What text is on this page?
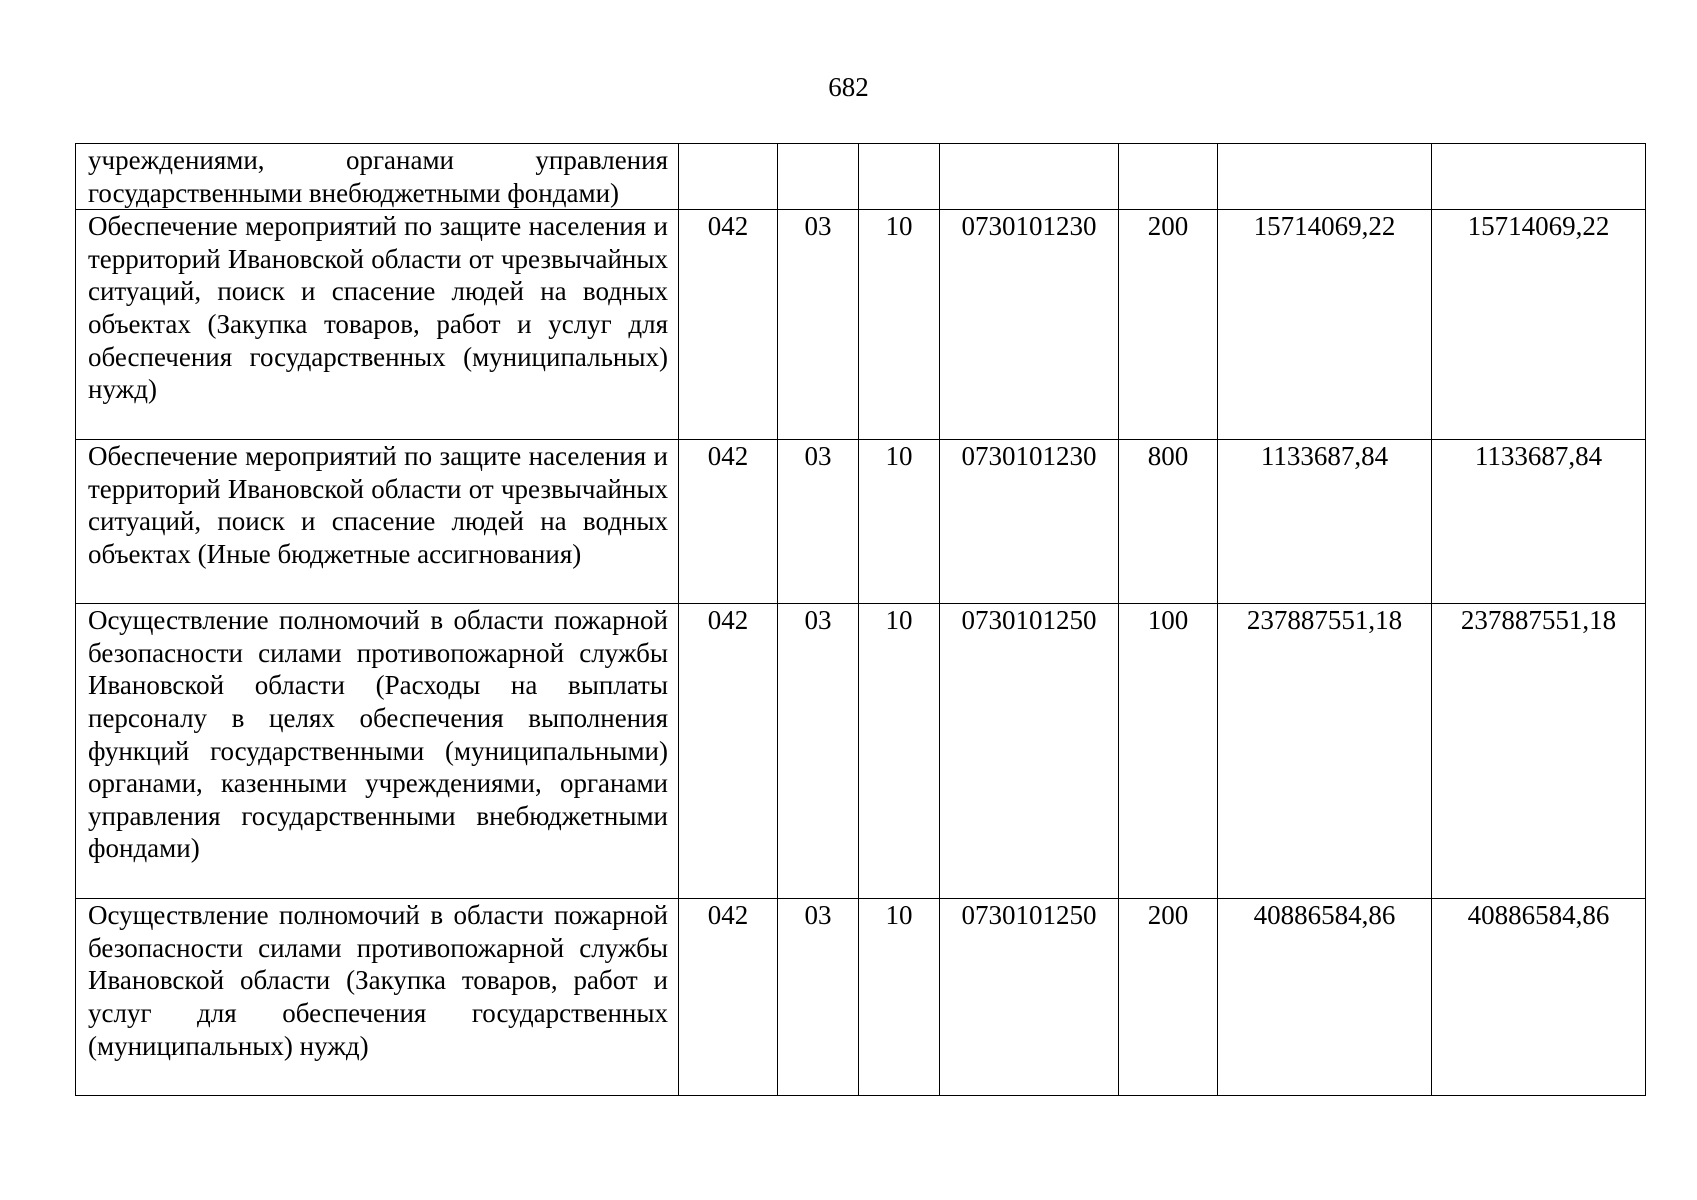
682
учреждениями, органами управления государственными внебюджетными фондами)							

Обеспечение мероприятий по защите населения и территорий Ивановской области от чрезвычайных ситуаций, поиск и спасение людей на водных объектах (Закупка товаров, работ и услуг для обеспечения государственных (муниципальных) нужд)	042	03	10	0730101230	200	15714069,22	15714069,22

Обеспечение мероприятий по защите населения и территорий Ивановской области от чрезвычайных ситуаций, поиск и спасение людей на водных объектах (Иные бюджетные ассигнования)	042	03	10	0730101230	800	1133687,84	1133687,84

Осуществление полномочий в области пожарной безопасности силами противопожарной службы Ивановской области (Расходы на выплаты персоналу в целях обеспечения выполнения функций государственными (муниципальными) органами, казенными учреждениями, органами управления государственными внебюджетными фондами)	042	03	10	0730101250	100	237887551,18	237887551,18

Осуществление полномочий в области пожарной безопасности силами противопожарной службы Ивановской области (Закупка товаров, работ и услуг для обеспечения государственных (муниципальных) нужд)	042	03	10	0730101250	200	40886584,86	40886584,86
